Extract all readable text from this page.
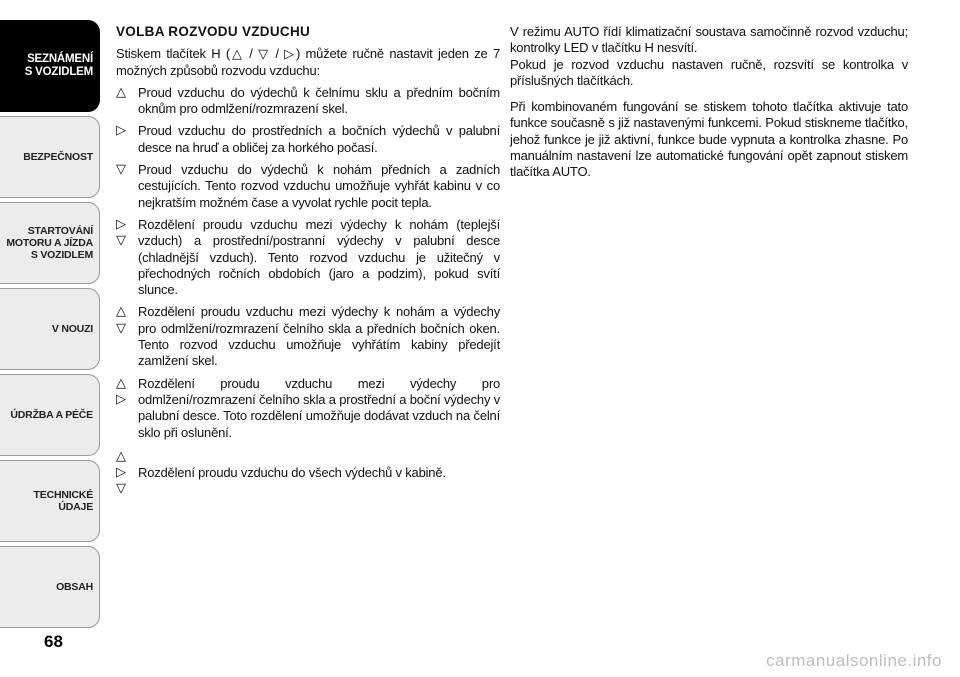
SEZNÁMENÍ
S VOZIDLEM
BEZPEČNOST
STARTOVÁNÍ
MOTORU A JÍZDA
S VOZIDLEM
V NOUZI
ÚDRŽBA A PÉČE
TECHNICKÉ
ÚDAJE
OBSAH
68
VOLBA ROZVODU VZDUCHU

Stiskem tlačítek H (△ / ▽ / ▷) můžete ručně nastavit jeden ze 7 možných způsobů rozvodu vzduchu:

△ Proud vzduchu do výdechů k čelnímu sklu a předním bočním oknům pro odmlžení/rozmrazení skel.
▷ Proud vzduchu do prostředních a bočních výdechů v palubní desce na hruď a obličej za horkého počasí.
▽ Proud vzduchu do výdechů k nohám předních a zadních cestujících. Tento rozvod vzduchu umožňuje vyhřát kabinu v co nejkratším možném čase a vyvolat rychle pocit tepla.
▷
▽
Rozdělení proudu vzduchu mezi výdechy k nohám (teplejší vzduch) a prostřední/postranní výdechy v palubní desce (chladnější vzduch). Tento rozvod vzduchu je užitečný v přechodných ročních obdobích (jaro a podzim), pokud svítí slunce.
△
▽
Rozdělení proudu vzduchu mezi výdechy k nohám a výdechy pro odmlžení/rozmrazení čelního skla a předních bočních oken. Tento rozvod vzduchu umožňuje vyhřátím kabiny předejít zamlžení skel.
△
▷
Rozdělení proudu vzduchu mezi výdechy pro odmlžení/rozmrazení čelního skla a prostřední a boční výdechy v palubní desce. Toto rozdělení umožňuje dodávat vzduch na čelní sklo při oslunění.
△
▷
▽
Rozdělení proudu vzduchu do všech výdechů v kabině.

V režimu AUTO řídí klimatizační soustava samočinně rozvod vzduchu; kontrolky LED v tlačítku H nesvítí.

Pokud je rozvod vzduchu nastaven ručně, rozsvítí se kontrolka v příslušných tlačítkách.

Při kombinovaném fungování se stiskem tohoto tlačítka aktivuje tato funkce současně s již nastavenými funkcemi. Pokud stiskneme tlačítko, jehož funkce je již aktivní, funkce bude vypnuta a kontrolka zhasne. Po manuálním nastavení lze automatické fungování opět zapnout stiskem tlačítka AUTO.

carmanualsonline.info
